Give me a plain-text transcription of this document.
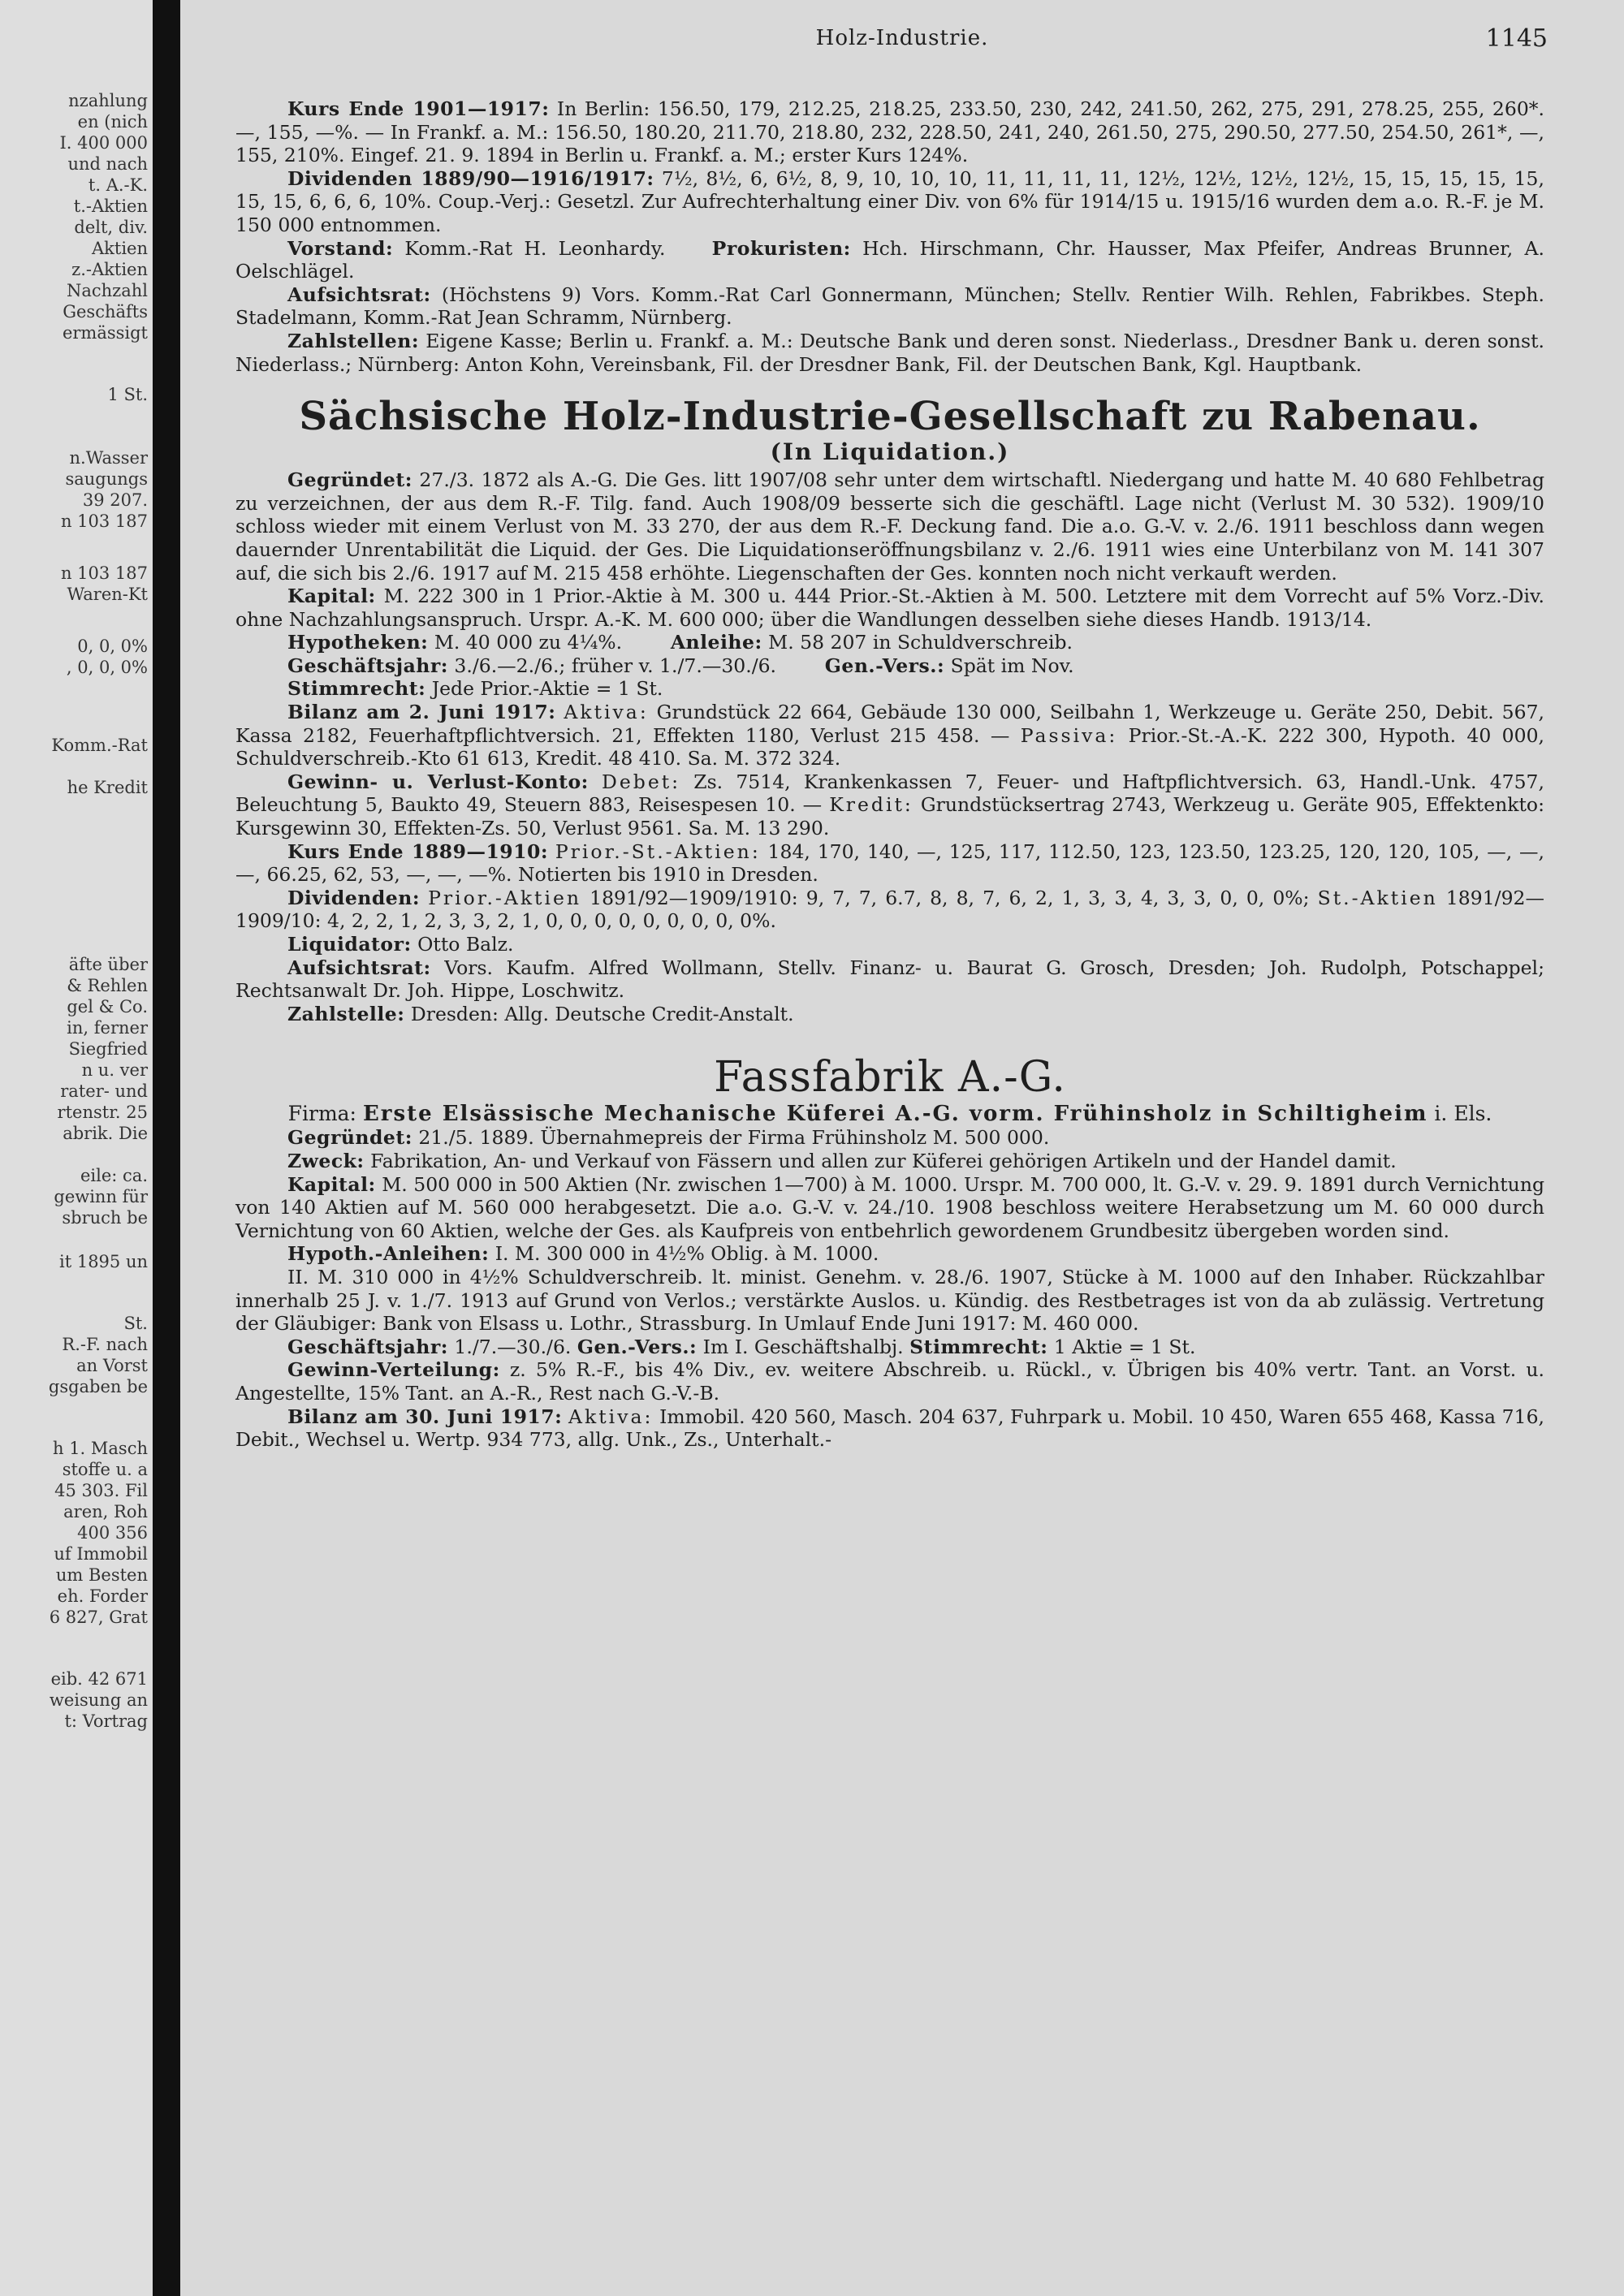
nzahlung
en (nich
I. 400 000
und nach
t. A.-K.
t.-Aktien
delt, div.
Aktien
z.-Aktien
Nachzahl
Geschäfts
ermässigt
1 St.
n.Wasser
saugungs
39 207.
n 103 187
n 103 187
Waren-Kt
0, 0, 0%
, 0, 0, 0%
Komm.-Rat
he Kredit
äfte über
& Rehlen
gel & Co.
in, ferner
Siegfried
n u. ver
rater- und
rtenstr. 25
abrik. Die
eile: ca.
gewinn für
sbruch be
it 1895 un
St.
R.-F. nach
an Vorst
gsgaben be
h 1. Masch
stoffe u. a
45 303. Fil
aren, Roh
400 356
uf Immobil
um Besten
eh. Forder
6 827, Grat
eib. 42 671
weisung an
t: Vortrag
Holz-Industrie.	1145

Kurs Ende 1901—1917: In Berlin: 156.50, 179, 212.25, 218.25, 233.50, 230, 242, 241.50, 262, 275, 291, 278.25, 255, 260*. —, 155, —%. — In Frankf. a. M.: 156.50, 180.20, 211.70, 218.80, 232, 228.50, 241, 240, 261.50, 275, 290.50, 277.50, 254.50, 261*, —, 155, 210%. Eingef. 21. 9. 1894 in Berlin u. Frankf. a. M.; erster Kurs 124%.

Dividenden 1889/90—1916/1917: 7½, 8½, 6, 6½, 8, 9, 10, 10, 10, 11, 11, 11, 11, 12½, 12½, 12½, 12½, 15, 15, 15, 15, 15, 15, 15, 6, 6, 6, 10%. Coup.-Verj.: Gesetzl. Zur Aufrechterhaltung einer Div. von 6% für 1914/15 u. 1915/16 wurden dem a.o. R.-F. je M. 150 000 entnommen.

Vorstand: Komm.-Rat H. Leonhardy. Prokuristen: Hch. Hirschmann, Chr. Hausser, Max Pfeifer, Andreas Brunner, A. Oelschlägel.

Aufsichtsrat: (Höchstens 9) Vors. Komm.-Rat Carl Gonnermann, München; Stellv. Rentier Wilh. Rehlen, Fabrikbes. Steph. Stadelmann, Komm.-Rat Jean Schramm, Nürnberg.

Zahlstellen: Eigene Kasse; Berlin u. Frankf. a. M.: Deutsche Bank und deren sonst. Niederlass., Dresdner Bank u. deren sonst. Niederlass.; Nürnberg: Anton Kohn, Vereinsbank, Fil. der Dresdner Bank, Fil. der Deutschen Bank, Kgl. Hauptbank.

Sächsische Holz-Industrie-Gesellschaft zu Rabenau.
(In Liquidation.)

Gegründet: 27./3. 1872 als A.-G. Die Ges. litt 1907/08 sehr unter dem wirtschaftl. Niedergang und hatte M. 40 680 Fehlbetrag zu verzeichnen, der aus dem R.-F. Tilg. fand. Auch 1908/09 besserte sich die geschäftl. Lage nicht (Verlust M. 30 532). 1909/10 schloss wieder mit einem Verlust von M. 33 270, der aus dem R.-F. Deckung fand. Die a.o. G.-V. v. 2./6. 1911 beschloss dann wegen dauernder Unrentabilität die Liquid. der Ges. Die Liquidationseröffnungsbilanz v. 2./6. 1911 wies eine Unterbilanz von M. 141 307 auf, die sich bis 2./6. 1917 auf M. 215 458 erhöhte. Liegenschaften der Ges. konnten noch nicht verkauft werden.

Kapital: M. 222 300 in 1 Prior.-Aktie à M. 300 u. 444 Prior.-St.-Aktien à M. 500. Letztere mit dem Vorrecht auf 5% Vorz.-Div. ohne Nachzahlungsanspruch. Urspr. A.-K. M. 600 000; über die Wandlungen desselben siehe dieses Handb. 1913/14.

Hypotheken: M. 40 000 zu 4¼%.	Anleihe: M. 58 207 in Schuldverschreib.

Geschäftsjahr: 3./6.—2./6.; früher v. 1./7.—30./6.	Gen.-Vers.: Spät im Nov.

Stimmrecht: Jede Prior.-Aktie = 1 St.

Bilanz am 2. Juni 1917: Aktiva: Grundstück 22 664, Gebäude 130 000, Seilbahn 1, Werkzeuge u. Geräte 250, Debit. 567, Kassa 2182, Feuerhaftpflichtversich. 21, Effekten 1180, Verlust 215 458. — Passiva: Prior.-St.-A.-K. 222 300, Hypoth. 40 000, Schuldverschreib.-Kto 61 613, Kredit. 48 410. Sa. M. 372 324.

Gewinn- u. Verlust-Konto: Debet: Zs. 7514, Krankenkassen 7, Feuer- und Haftpflichtversich. 63, Handl.-Unk. 4757, Beleuchtung 5, Baukto 49, Steuern 883, Reisespesen 10. — Kredit: Grundstücksertrag 2743, Werkzeug u. Geräte 905, Effektenkto: Kursgewinn 30, Effekten-Zs. 50, Verlust 9561. Sa. M. 13 290.

Kurs Ende 1889—1910: Prior.-St.-Aktien: 184, 170, 140, —, 125, 117, 112.50, 123, 123.50, 123.25, 120, 120, 105, —, —, —, 66.25, 62, 53, —, —, —%. Notierten bis 1910 in Dresden.

Dividenden: Prior.-Aktien 1891/92—1909/1910: 9, 7, 7, 6.7, 8, 8, 7, 6, 2, 1, 3, 3, 4, 3, 3, 0, 0, 0%; St.-Aktien 1891/92—1909/10: 4, 2, 2, 1, 2, 3, 3, 2, 1, 0, 0, 0, 0, 0, 0, 0, 0, 0%.

Liquidator: Otto Balz.

Aufsichtsrat: Vors. Kaufm. Alfred Wollmann, Stellv. Finanz- u. Baurat G. Grosch, Dresden; Joh. Rudolph, Potschappel; Rechtsanwalt Dr. Joh. Hippe, Loschwitz.

Zahlstelle: Dresden: Allg. Deutsche Credit-Anstalt.

Fassfabrik A.-G.
Firma: Erste Elsässische Mechanische Küferei A.-G. vorm. Frühinsholz in Schiltigheim i. Els.

Gegründet: 21./5. 1889. Übernahmepreis der Firma Frühinsholz M. 500 000.

Zweck: Fabrikation, An- und Verkauf von Fässern und allen zur Küferei gehörigen Artikeln und der Handel damit.

Kapital: M. 500 000 in 500 Aktien (Nr. zwischen 1—700) à M. 1000. Urspr. M. 700 000, lt. G.-V. v. 29. 9. 1891 durch Vernichtung von 140 Aktien auf M. 560 000 herabgesetzt. Die a.o. G.-V. v. 24./10. 1908 beschloss weitere Herabsetzung um M. 60 000 durch Vernichtung von 60 Aktien, welche der Ges. als Kaufpreis von entbehrlich gewordenem Grundbesitz übergeben worden sind.

Hypoth.-Anleihen: I. M. 300 000 in 4½% Oblig. à M. 1000.

II. M. 310 000 in 4½% Schuldverschreib. lt. minist. Genehm. v. 28./6. 1907, Stücke à M. 1000 auf den Inhaber. Rückzahlbar innerhalb 25 J. v. 1./7. 1913 auf Grund von Verlos.; verstärkte Auslos. u. Kündig. des Restbetrages ist von da ab zulässig. Vertretung der Gläubiger: Bank von Elsass u. Lothr., Strassburg. In Umlauf Ende Juni 1917: M. 460 000.

Geschäftsjahr: 1./7.—30./6. Gen.-Vers.: Im I. Geschäftshalbj. Stimmrecht: 1 Aktie = 1 St.

Gewinn-Verteilung: z. 5% R.-F., bis 4% Div., ev. weitere Abschreib. u. Rückl., v. Übrigen bis 40% vertr. Tant. an Vorst. u. Angestellte, 15% Tant. an A.-R., Rest nach G.-V.-B.

Bilanz am 30. Juni 1917: Aktiva: Immobil. 420 560, Masch. 204 637, Fuhrpark u. Mobil. 10 450, Waren 655 468, Kassa 716, Debit., Wechsel u. Wertp. 934 773, allg. Unk., Zs., Unterhalt.-
